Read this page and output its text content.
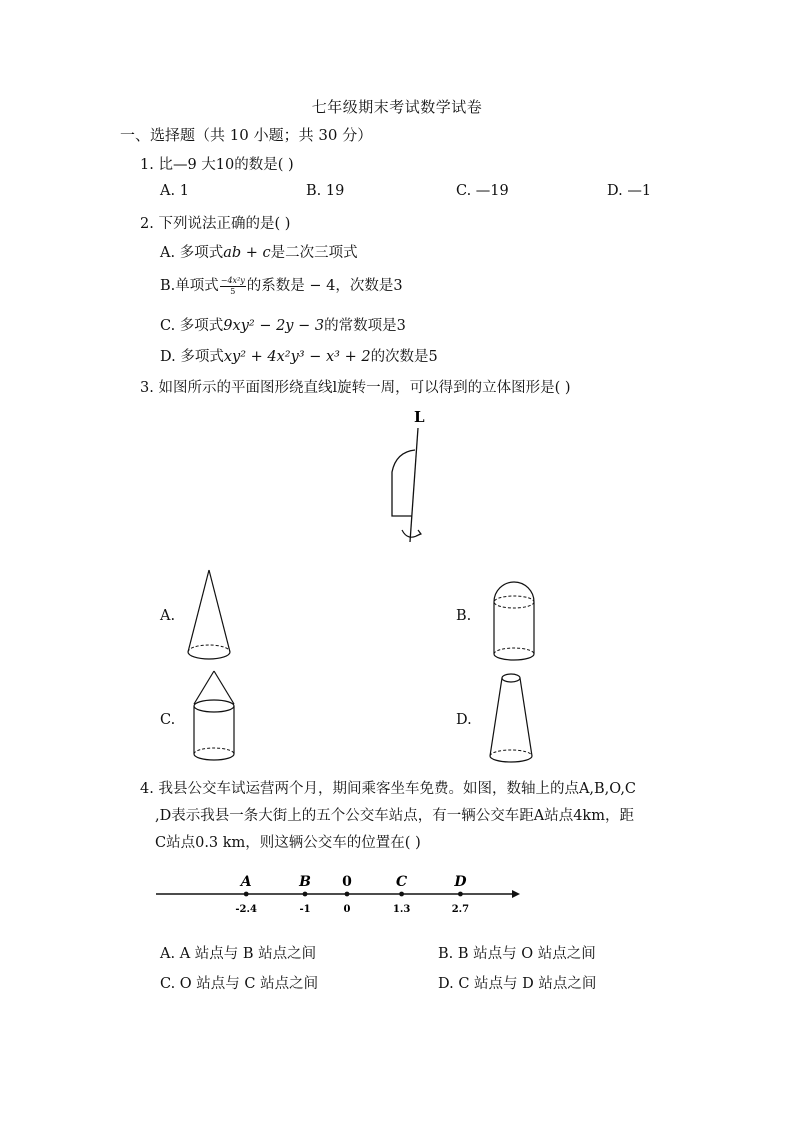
七年级期末考试数学试卷
一、选择题（共 10 小题；共 30 分）
1. 比—9 大10的数是( )
A. 1	B. 19	C. —19	D. —1
2. 下列说法正确的是( )
A. 多项式ab + c是二次三项式
B.单项式 $\frac{\text{−4x²y}}{5}$ 的系数是 − 4，次数是3
C. 多项式9xy² − 2y − 3的常数项是3
D. 多项式xy² + 4x²y³ − x³ + 2的次数是5
3. 如图所示的平面图形绕直线l旋转一周，可以得到的立体图形是( )
L
A.	B.
C.	D.
4. 我县公交车试运营两个月，期间乘客坐车免费。如图，数轴上的点A,B,O,C
,D表示我县一条大街上的五个公交车站点，有一辆公交车距A站点4km，距
C站点0.3 km，则这辆公交车的位置在( )
A
-2.4
B
-1
0
0
C
1.3
D
2.7
A. A 站点与 B 站点之间	B. B 站点与 O 站点之间
C. O 站点与 C 站点之间	D. C 站点与 D 站点之间
